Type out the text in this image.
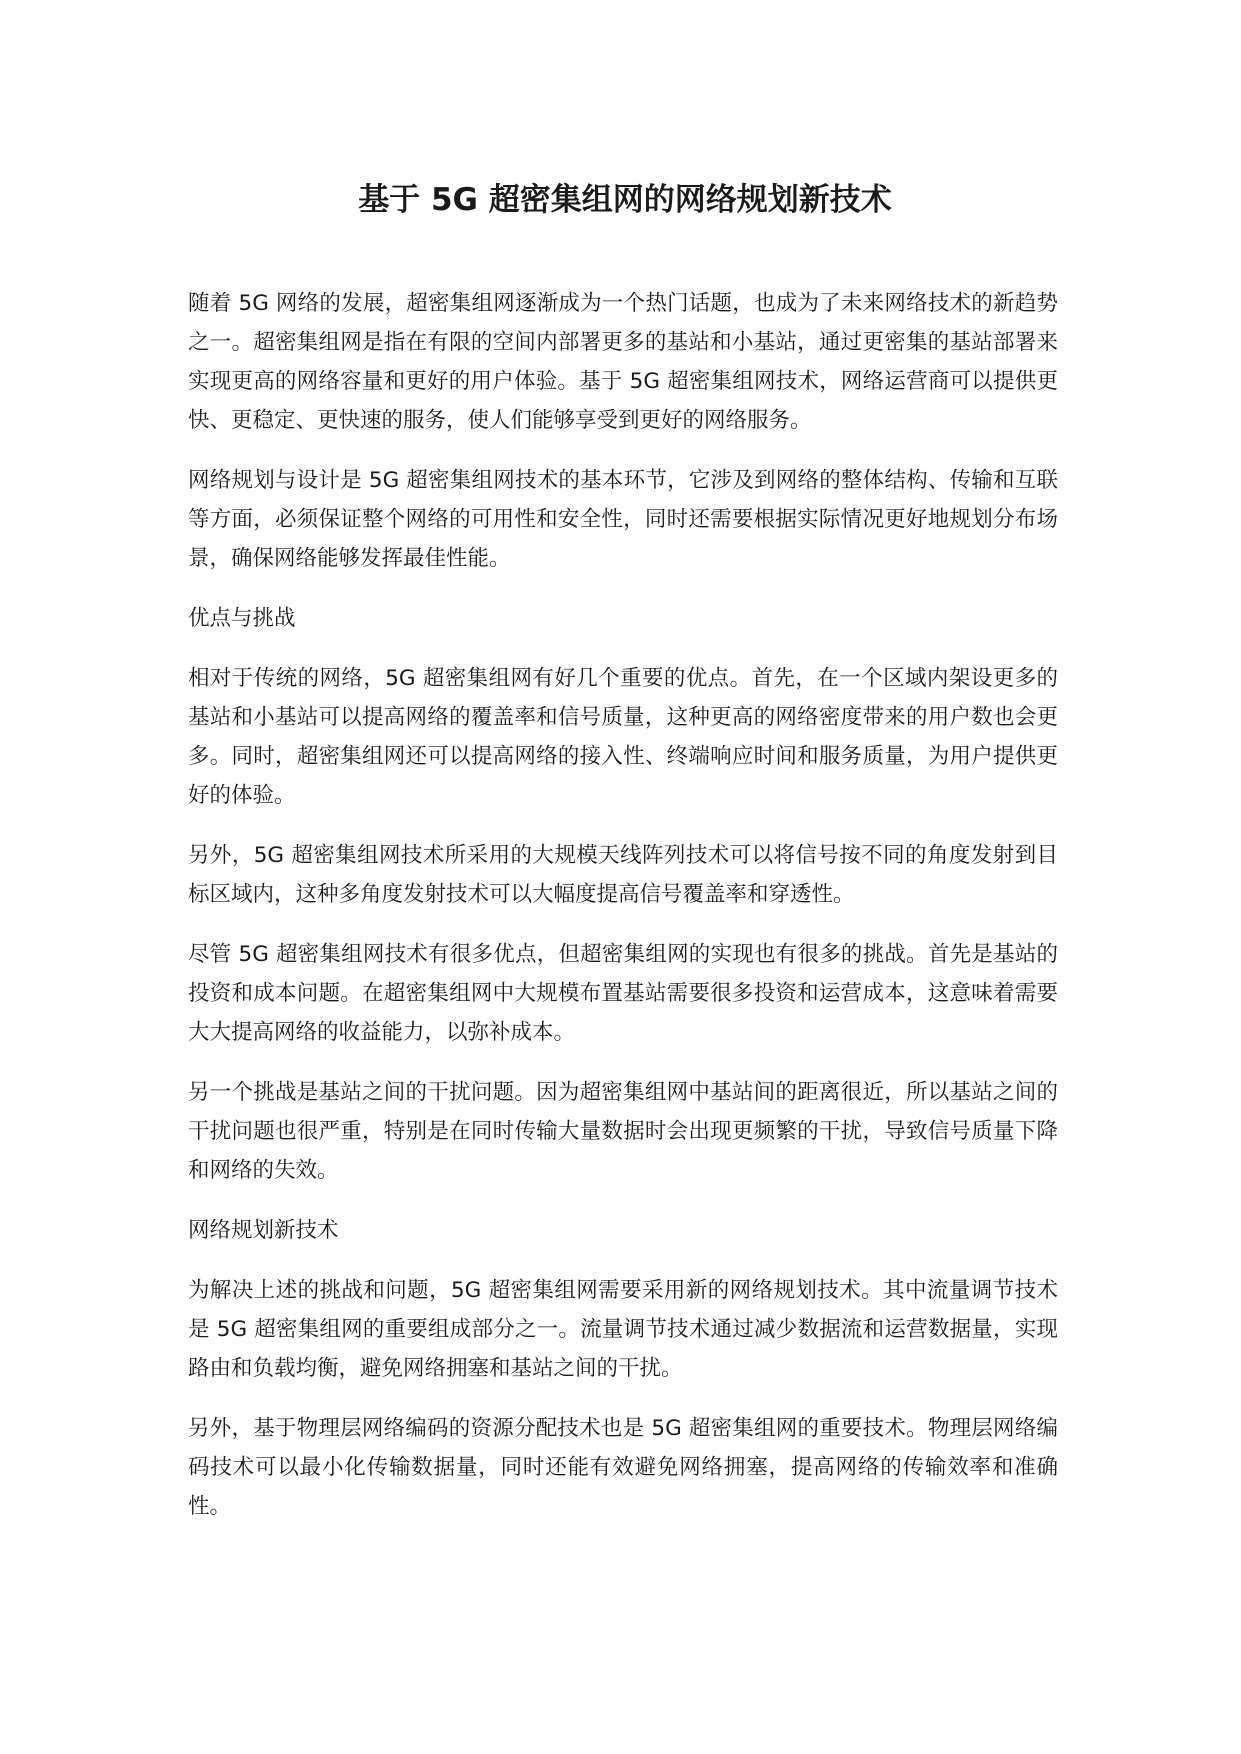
基于 5G 超密集组网的网络规划新技术

随着 5G 网络的发展，超密集组网逐渐成为一个热门话题，也成为了未来网络技术的新趋势之一。超密集组网是指在有限的空间内部署更多的基站和小基站，通过更密集的基站部署来实现更高的网络容量和更好的用户体验。基于 5G 超密集组网技术，网络运营商可以提供更快、更稳定、更快速的服务，使人们能够享受到更好的网络服务。

网络规划与设计是 5G 超密集组网技术的基本环节，它涉及到网络的整体结构、传输和互联等方面，必须保证整个网络的可用性和安全性，同时还需要根据实际情况更好地规划分布场景，确保网络能够发挥最佳性能。

优点与挑战

相对于传统的网络，5G 超密集组网有好几个重要的优点。首先，在一个区域内架设更多的基站和小基站可以提高网络的覆盖率和信号质量，这种更高的网络密度带来的用户数也会更多。同时，超密集组网还可以提高网络的接入性、终端响应时间和服务质量，为用户提供更好的体验。

另外，5G 超密集组网技术所采用的大规模天线阵列技术可以将信号按不同的角度发射到目标区域内，这种多角度发射技术可以大幅度提高信号覆盖率和穿透性。

尽管 5G 超密集组网技术有很多优点，但超密集组网的实现也有很多的挑战。首先是基站的投资和成本问题。在超密集组网中大规模布置基站需要很多投资和运营成本，这意味着需要大大提高网络的收益能力，以弥补成本。

另一个挑战是基站之间的干扰问题。因为超密集组网中基站间的距离很近，所以基站之间的干扰问题也很严重，特别是在同时传输大量数据时会出现更频繁的干扰，导致信号质量下降和网络的失效。

网络规划新技术

为解决上述的挑战和问题，5G 超密集组网需要采用新的网络规划技术。其中流量调节技术是 5G 超密集组网的重要组成部分之一。流量调节技术通过减少数据流和运营数据量，实现路由和负载均衡，避免网络拥塞和基站之间的干扰。

另外，基于物理层网络编码的资源分配技术也是 5G 超密集组网的重要技术。物理层网络编码技术可以最小化传输数据量，同时还能有效避免网络拥塞，提高网络的传输效率和准确性。
